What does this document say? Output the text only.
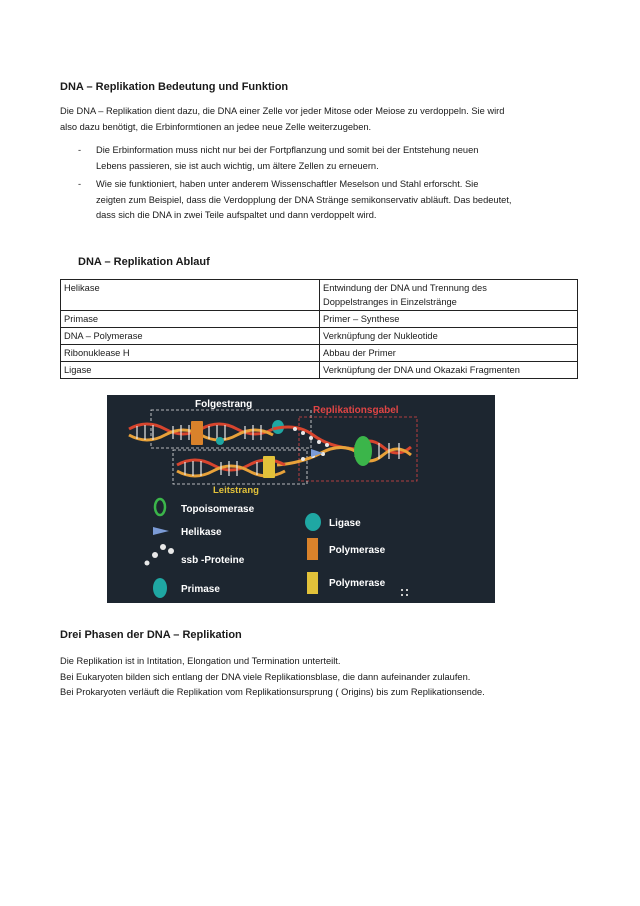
DNA – Replikation Bedeutung und Funktion

Die DNA – Replikation dient dazu, die DNA einer Zelle vor jeder Mitose oder Meiose zu verdoppeln. Sie wird
also dazu benötigt, die Erbinformtionen an jedee neue Zelle weiterzugeben.

- Die Erbinformation muss nicht nur bei der Fortpflanzung und somit bei der Entstehung neuen
Lebens passieren, sie ist auch wichtig, um ältere Zellen zu erneuern.
- Wie sie funktioniert, haben unter anderem Wissenschaftler Meselson und Stahl erforscht. Sie
zeigten zum Beispiel, dass die Verdopplung der DNA Stränge semikonservativ abläuft. Das bedeutet,
dass sich die DNA in zwei Teile aufspaltet und dann verdoppelt wird.
DNA – Replikation Ablauf
Helikase	Entwindung der DNA und Trennung des
Doppelstranges in Einzelstränge
Primase	Primer – Synthese
DNA – Polymerase	Verknüpfung der Nukleotide
Ribonuklease H	Abbau der Primer
Ligase	Verknüpfung der DNA und Okazaki Fragmenten
Folgestrang
Replikationsgabel
Leitstrang
Topoisomerase
Helikase
ssb -Proteine
Primase
Ligase
Polymerase
Polymerase
Drei Phasen der DNA – Replikation

Die Replikation ist in Intitation, Elongation und Termination unterteilt.
Bei Eukaryoten bilden sich entlang der DNA viele Replikationsblase, die dann aufeinander zulaufen.
Bei Prokaryoten verläuft die Replikation vom Replikationsursprung ( Origins) bis zum Replikationsende.
